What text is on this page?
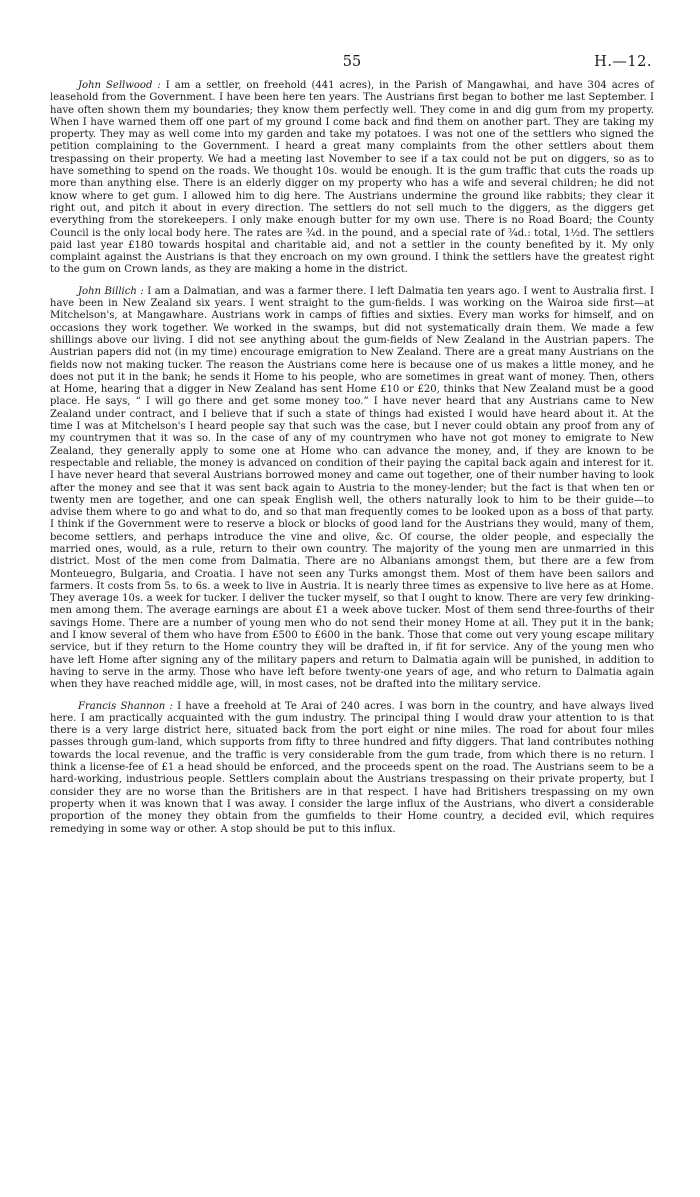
55	H.—12.

John Sellwood : I am a settler, on freehold (441 acres), in the Parish of Mangawhai, and have 304 acres of leasehold from the Government. I have been here ten years. The Austrians first began to bother me last September. I have often shown them my boundaries; they know them perfectly well. They come in and dig gum from my property. When I have warned them off one part of my ground I come back and find them on another part. They are taking my property. They may as well come into my garden and take my potatoes. I was not one of the settlers who signed the petition complaining to the Government. I heard a great many complaints from the other settlers about them trespassing on their property. We had a meeting last November to see if a tax could not be put on diggers, so as to have something to spend on the roads. We thought 10s. would be enough. It is the gum traffic that cuts the roads up more than anything else. There is an elderly digger on my property who has a wife and several children; he did not know where to get gum. I allowed him to dig here. The Austrians undermine the ground like rabbits; they clear it right out, and pitch it about in every direction. The settlers do not sell much to the diggers, as the diggers get everything from the storekeepers. I only make enough butter for my own use. There is no Road Board; the County Council is the only local body here. The rates are ¾d. in the pound, and a special rate of ¾d.: total, 1½d. The settlers paid last year £180 towards hospital and charitable aid, and not a settler in the county benefited by it. My only complaint against the Austrians is that they encroach on my own ground. I think the settlers have the greatest right to the gum on Crown lands, as they are making a home in the district.

John Billich : I am a Dalmatian, and was a farmer there. I left Dalmatia ten years ago. I went to Australia first. I have been in New Zealand six years. I went straight to the gum-fields. I was working on the Wairoa side first—at Mitchelson's, at Mangawhare. Austrians work in camps of fifties and sixties. Every man works for himself, and on occasions they work together. We worked in the swamps, but did not systematically drain them. We made a few shillings above our living. I did not see anything about the gum-fields of New Zealand in the Austrian papers. The Austrian papers did not (in my time) encourage emigration to New Zealand. There are a great many Austrians on the fields now not making tucker. The reason the Austrians come here is because one of us makes a little money, and he does not put it in the bank; he sends it Home to his people, who are sometimes in great want of money. Then, others at Home, hearing that a digger in New Zealand has sent Home £10 or £20, thinks that New Zealand must be a good place. He says, “ I will go there and get some money too.” I have never heard that any Austrians came to New Zealand under contract, and I believe that if such a state of things had existed I would have heard about it. At the time I was at Mitchelson's I heard people say that such was the case, but I never could obtain any proof from any of my countrymen that it was so. In the case of any of my countrymen who have not got money to emigrate to New Zealand, they generally apply to some one at Home who can advance the money, and, if they are known to be respectable and reliable, the money is advanced on condition of their paying the capital back again and interest for it. I have never heard that several Austrians borrowed money and came out together, one of their number having to look after the money and see that it was sent back again to Austria to the money-lender; but the fact is that when ten or twenty men are together, and one can speak English well, the others naturally look to him to be their guide—to advise them where to go and what to do, and so that man frequently comes to be looked upon as a boss of that party. I think if the Government were to reserve a block or blocks of good land for the Austrians they would, many of them, become settlers, and perhaps introduce the vine and olive, &c. Of course, the older people, and especially the married ones, would, as a rule, return to their own country. The majority of the young men are unmarried in this district. Most of the men come from Dalmatia. There are no Albanians amongst them, but there are a few from Monteuegro, Bulgaria, and Croatia. I have not seen any Turks amongst them. Most of them have been sailors and farmers. It costs from 5s. to 6s. a week to live in Austria. It is nearly three times as expensive to live here as at Home. They average 10s. a week for tucker. I deliver the tucker myself, so that I ought to know. There are very few drinking-men among them. The average earnings are about £1 a week above tucker. Most of them send three-fourths of their savings Home. There are a number of young men who do not send their money Home at all. They put it in the bank; and I know several of them who have from £500 to £600 in the bank. Those that come out very young escape military service, but if they return to the Home country they will be drafted in, if fit for service. Any of the young men who have left Home after signing any of the military papers and return to Dalmatia again will be punished, in addition to having to serve in the army. Those who have left before twenty-one years of age, and who return to Dalmatia again when they have reached middle age, will, in most cases, not be drafted into the military service.

Francis Shannon : I have a freehold at Te Arai of 240 acres. I was born in the country, and have always lived here. I am practically acquainted with the gum industry. The principal thing I would draw your attention to is that there is a very large district here, situated back from the port eight or nine miles. The road for about four miles passes through gum-land, which supports from fifty to three hundred and fifty diggers. That land contributes nothing towards the local revenue, and the traffic is very considerable from the gum trade, from which there is no return. I think a license-fee of £1 a head should be enforced, and the proceeds spent on the road. The Austrians seem to be a hard-working, industrious people. Settlers complain about the Austrians trespassing on their private property, but I consider they are no worse than the Britishers are in that respect. I have had Britishers trespassing on my own property when it was known that I was away. I consider the large influx of the Austrians, who divert a considerable proportion of the money they obtain from the gumfields to their Home country, a decided evil, which requires remedying in some way or other. A stop should be put to this influx.
